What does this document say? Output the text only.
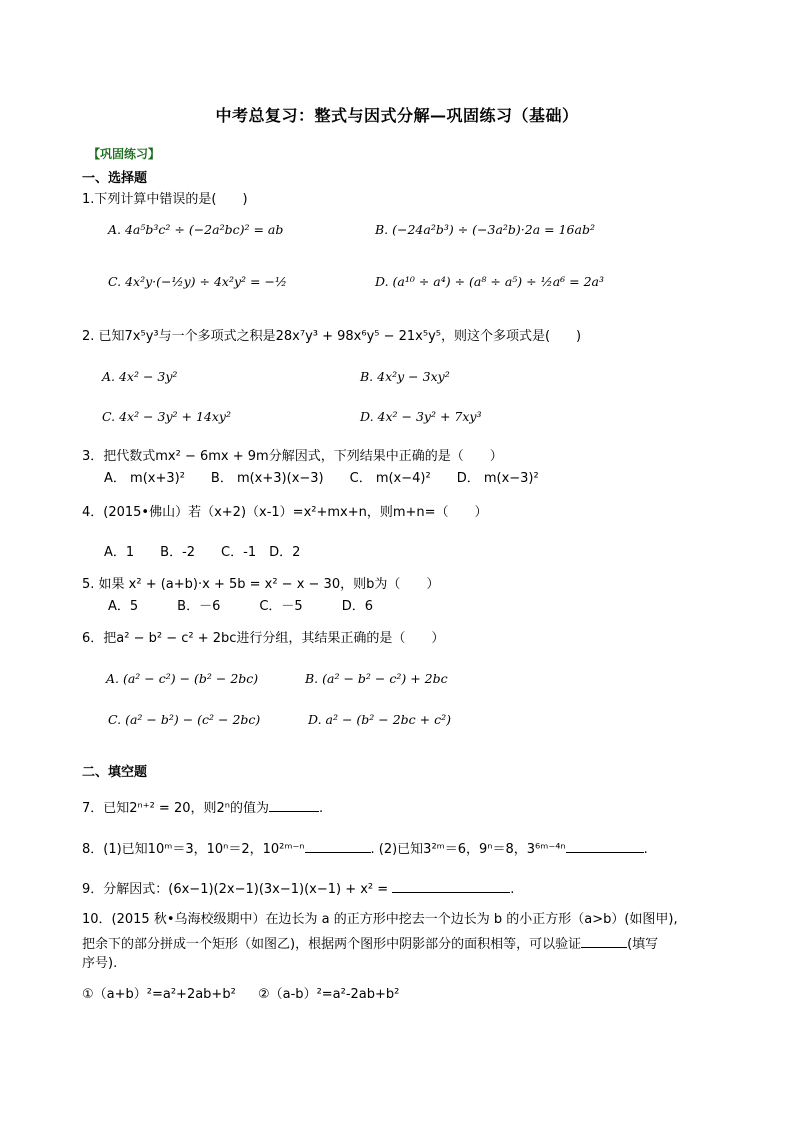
中考总复习：整式与因式分解—巩固练习（基础）
【巩固练习】
一、选择题
1.下列计算中错误的是(　　)
A. 4a⁵b³c² ÷ (−2a²bc)² = ab	B. (−24a²b³) ÷ (−3a²b)·2a = 16ab²
C. 4x²y·(−½y) ÷ 4x²y² = −½	D. (a¹⁰ ÷ a⁴) ÷ (a⁸ ÷ a⁵) ÷ ½a⁶ = 2a³
2. 已知7x⁵y³与一个多项式之积是28x⁷y³ + 98x⁶y⁵ − 21x⁵y⁵，则这个多项式是(　　)
A. 4x² − 3y²	B. 4x²y − 3xy²
C. 4x² − 3y² + 14xy²	D. 4x² − 3y² + 7xy³
3．把代数式mx² − 6mx + 9m分解因式，下列结果中正确的是（　　）
A． m(x+3)²　　B． m(x+3)(x−3)　　C． m(x−4)²　　D． m(x−3)²
4．(2015•佛山）若（x+2)（x-1）=x²+mx+n，则m+n=（　　）
A．1　　B．-2　　C．-1　D．2
5. 如果 x² + (a+b)·x + 5b = x² − x − 30，则b为（　　）
A．5　　　B．－6　　　C．－5　　　D．6
6．把a² − b² − c² + 2bc进行分组，其结果正确的是（　　）
A. (a² − c²) − (b² − 2bc)	B. (a² − b² − c²) + 2bc
C. (a² − b²) − (c² − 2bc)	D. a² − (b² − 2bc + c²)
二、填空题
7．已知2ⁿ⁺² = 20，则2ⁿ的值为	.
8．(1)已知10ᵐ＝3，10ⁿ＝2，10²ᵐ⁻ⁿ	. (2)已知3²ᵐ＝6，9ⁿ＝8，3⁶ᵐ⁻⁴ⁿ	.
9．分解因式：(6x−1)(2x−1)(3x−1)(x−1) + x² =	.
10．(2015 秋•乌海校级期中）在边长为 a 的正方形中挖去一个边长为 b 的小正方形（a>b）(如图甲),
把余下的部分拼成一个矩形（如图乙)，根据两个图形中阴影部分的面积相等，可以验证	(填写
序号).
①（a+b）²=a²+2ab+b² ②（a-b）²=a²-2ab+b²
